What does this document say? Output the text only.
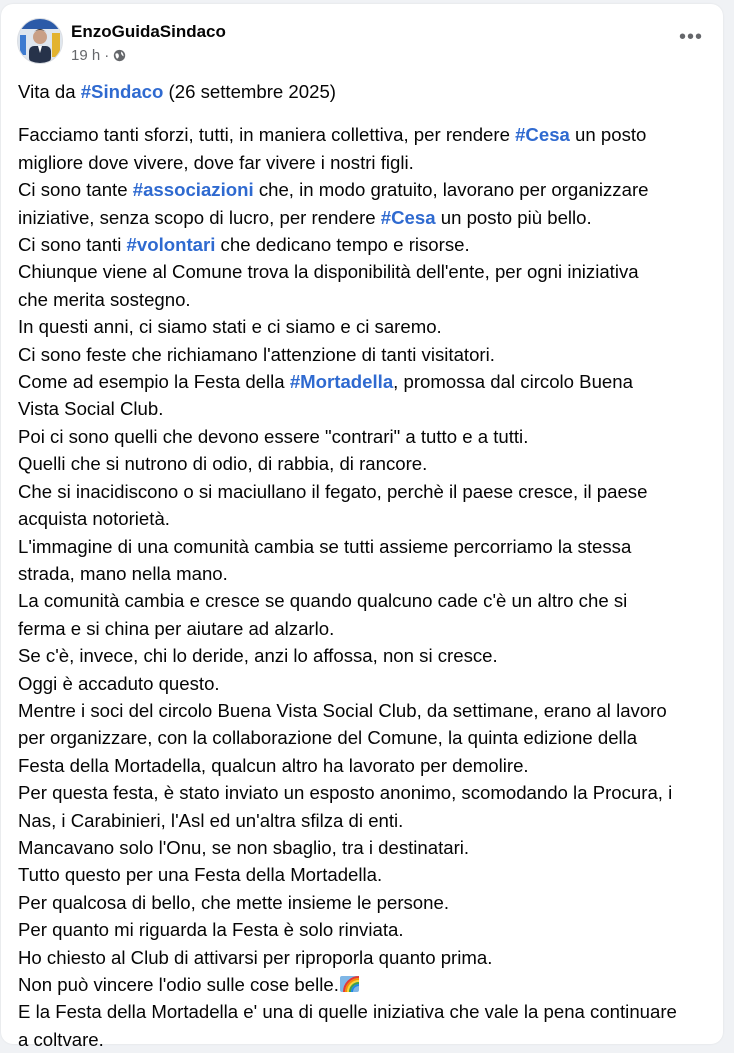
EnzoGuidaSindaco
19 h ·
•••

Vita da #Sindaco (26 settembre 2025)

Facciamo tanti sforzi, tutti, in maniera collettiva, per rendere #Cesa un posto

migliore dove vivere, dove far vivere i nostri figli.

Ci sono tante #associazioni che, in modo gratuito, lavorano per organizzare

iniziative, senza scopo di lucro, per rendere #Cesa un posto più bello.

Ci sono tanti #volontari che dedicano tempo e risorse.

Chiunque viene al Comune trova la disponibilità dell'ente, per ogni iniziativa

che merita sostegno.

In questi anni, ci siamo stati e ci siamo e ci saremo.

Ci sono feste che richiamano l'attenzione di tanti visitatori.

Come ad esempio la Festa della #Mortadella, promossa dal circolo Buena

Vista Social Club.

Poi ci sono quelli che devono essere "contrari" a tutto e a tutti.

Quelli che si nutrono di odio, di rabbia, di rancore.

Che si inacidiscono o si maciullano il fegato, perchè il paese cresce, il paese

acquista notorietà.

L'immagine di una comunità cambia se tutti assieme percorriamo la stessa

strada, mano nella mano.

La comunità cambia e cresce se quando qualcuno cade c'è un altro che si

ferma e si china per aiutare ad alzarlo.

Se c'è, invece, chi lo deride, anzi lo affossa, non si cresce.

Oggi è accaduto questo.

Mentre i soci del circolo Buena Vista Social Club, da settimane, erano al lavoro

per organizzare, con la collaborazione del Comune, la quinta edizione della

Festa della Mortadella, qualcun altro ha lavorato per demolire.

Per questa festa, è stato inviato un esposto anonimo, scomodando la Procura, i

Nas, i Carabinieri, l'Asl ed un'altra sfilza di enti.

Mancavano solo l'Onu, se non sbaglio, tra i destinatari.

Tutto questo per una Festa della Mortadella.

Per qualcosa di bello, che mette insieme le persone.

Per quanto mi riguarda la Festa è solo rinviata.

Ho chiesto al Club di attivarsi per riproporla quanto prima.

Non può vincere l'odio sulle cose belle.

E la Festa della Mortadella e' una di quelle iniziativa che vale la pena continuare

a coltvare.
